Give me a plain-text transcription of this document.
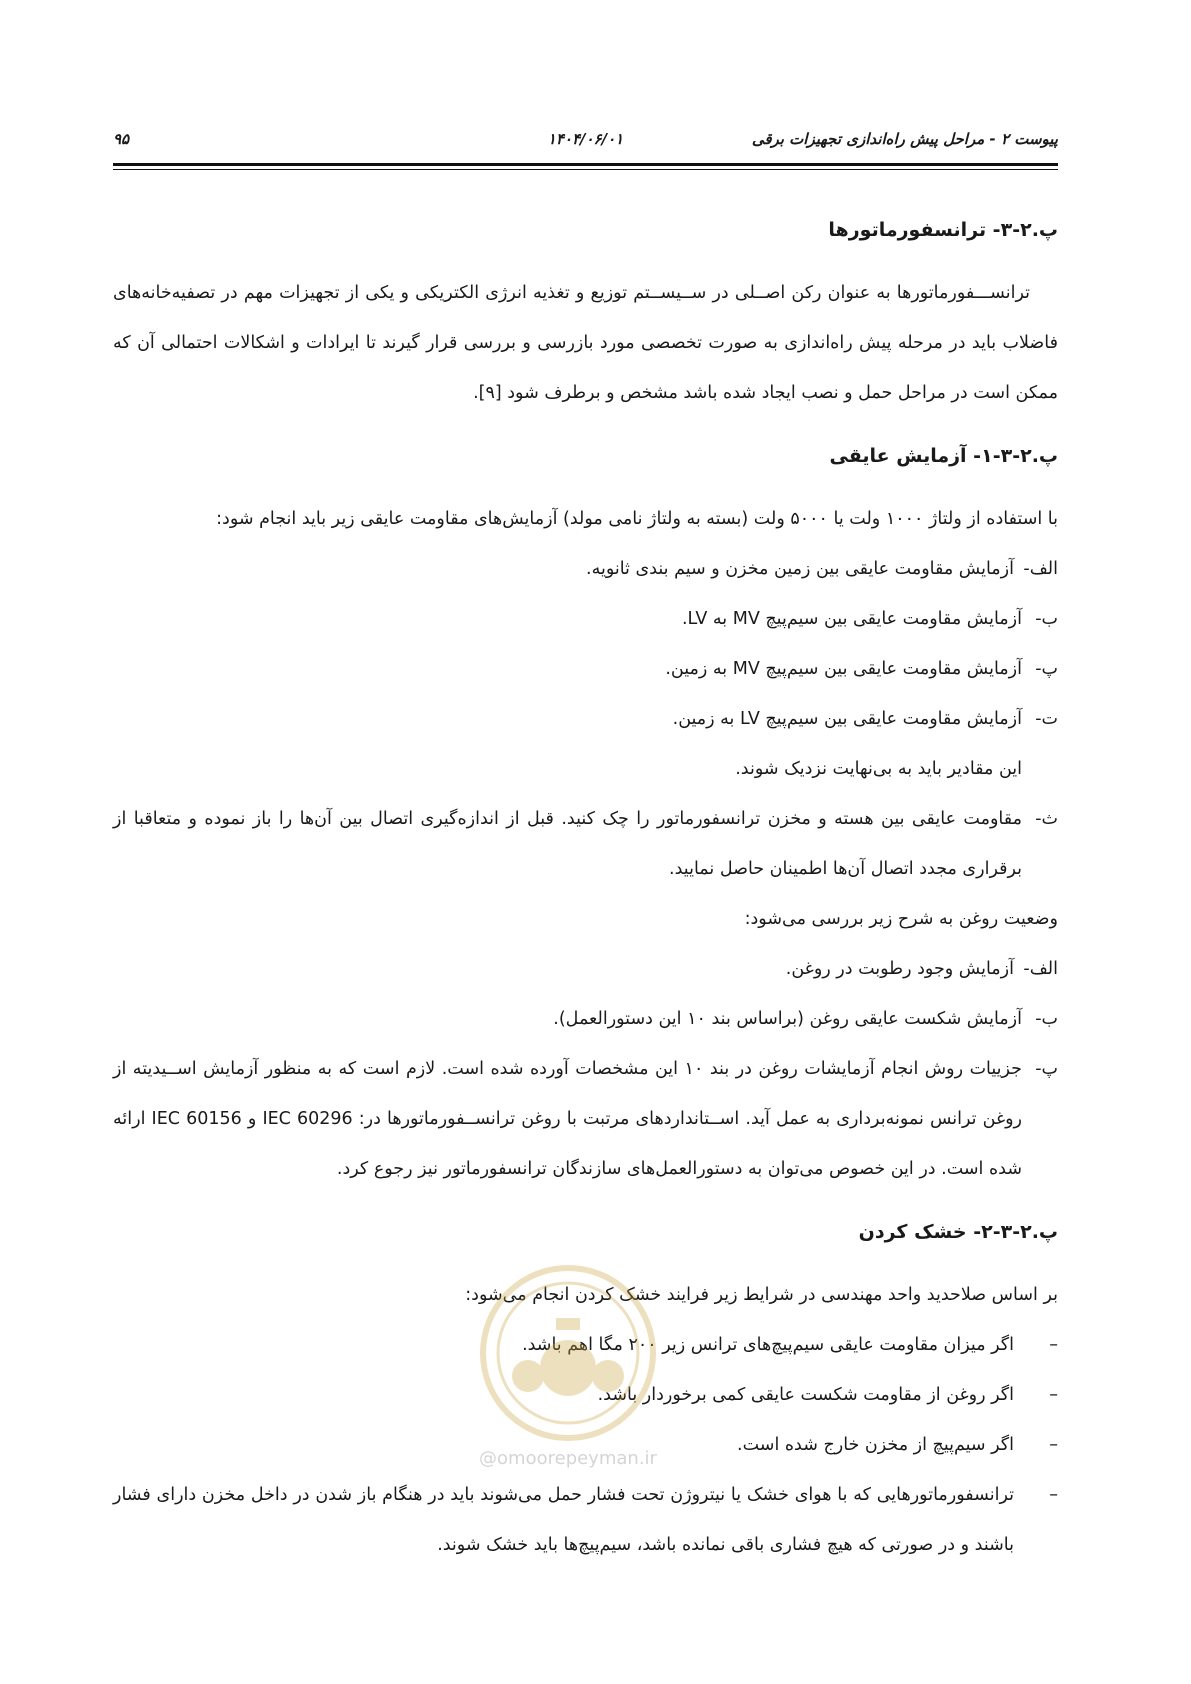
پیوست ۲ - مراحل پیش راه‌اندازی تجهیزات برقی
۱۴۰۴/۰۶/۰۱
۹۵
پ.۲-۳- ترانسفورماتورها

ترانســـفورماتورها به عنوان رکن اصــلی در ســیســتم توزیع و تغذیه انرژی الکتریکی و یکی از تجهیزات مهم در تصفیه‌خانه‌های فاضلاب باید در مرحله پیش راه‌اندازی به صورت تخصصی مورد بازرسی و بررسی قرار گیرند تا ایرادات و اشکالات احتمالی آن که ممکن است در مراحل حمل و نصب ایجاد شده باشد مشخص و برطرف شود [۹].

پ.۲-۳-۱- آزمایش عایقی

با استفاده از ولتاژ ۱۰۰۰ ولت یا ۵۰۰۰ ولت (بسته به ولتاژ نامی مولد) آزمایش‌های مقاومت عایقی زیر باید انجام شود:

الف-
آزمایش مقاومت عایقی بین زمین مخزن و سیم بندی ثانویه.
ب-
آزمایش مقاومت عایقی بین سیم‌پیچ MV به LV.
پ-
آزمایش مقاومت عایقی بین سیم‌پیچ MV به زمین.
ت-
آزمایش مقاومت عایقی بین سیم‌پیچ LV به زمین.
این مقادیر باید به بی‌نهایت نزدیک شوند.
ث-
مقاومت عایقی بین هسته و مخزن ترانسفورماتور را چک کنید. قبل از اندازه‌گیری اتصال بین آن‌ها را باز نموده و متعاقبا از برقراری مجدد اتصال آن‌ها اطمینان حاصل نمایید.

وضعیت روغن به شرح زیر بررسی می‌شود:

الف-
آزمایش وجود رطوبت در روغن.
ب-
آزمایش شکست عایقی روغن (براساس بند ۱۰ این دستورالعمل).
پ-
جزییات روش انجام آزمایشات روغن در بند ۱۰ این مشخصات آورده شده است. لازم است که به منظور آزمایش اســیدیته از روغن ترانس نمونه‌برداری به عمل آید. اســتانداردهای مرتبت با روغن ترانســفورماتورها در: IEC 60296 و IEC 60156 ارائه شده است. در این خصوص می‌توان به دستورالعمل‌های سازندگان ترانسفورماتور نیز رجوع کرد.
پ.۲-۳-۲- خشک کردن

بر اساس صلاحدید واحد مهندسی در شرایط زیر فرایند خشک کردن انجام می‌شود:

–
اگر میزان مقاومت عایقی سیم‌پیچ‌های ترانس زیر ۲۰۰ مگا اهم باشد.
–
اگر روغن از مقاومت شکست عایقی کمی برخوردار باشد.
–
اگر سیم‌پیچ از مخزن خارج شده است.
–
ترانسفورماتورهایی که با هوای خشک یا نیتروژن تحت فشار حمل می‌شوند باید در هنگام باز شدن در داخل مخزن دارای فشار باشند و در صورتی که هیچ فشاری باقی نمانده باشد، سیم‌پیچ‌ها باید خشک شوند.
@omoorepeyman.ir
